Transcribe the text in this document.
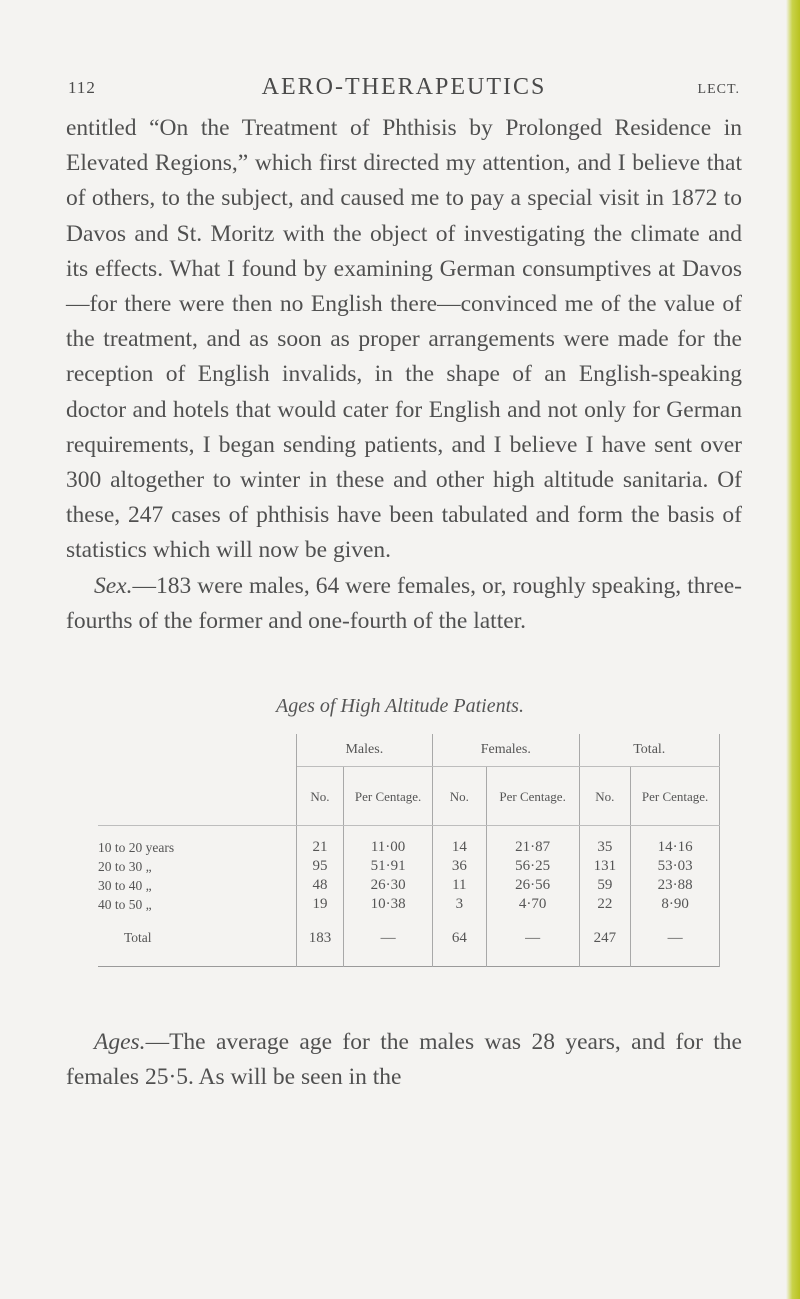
112	AERO-THERAPEUTICS	LECT.

entitled “On the Treatment of Phthisis by Prolonged Residence in Elevated Regions,” which first directed my attention, and I believe that of others, to the subject, and caused me to pay a special visit in 1872 to Davos and St. Moritz with the object of investigating the climate and its effects. What I found by examining German consumptives at Davos—for there were then no English there—convinced me of the value of the treatment, and as soon as proper arrangements were made for the reception of English invalids, in the shape of an English-speaking doctor and hotels that would cater for English and not only for German requirements, I began sending patients, and I believe I have sent over 300 altogether to winter in these and other high altitude sanitaria. Of these, 247 cases of phthisis have been tabulated and form the basis of statistics which will now be given.

Sex.—183 were males, 64 were females, or, roughly speaking, three-fourths of the former and one-fourth of the latter.

Ages of High Altitude Patients.
	Males.		Females.		Total.	
	No.	Per Centage.	No.	Per Centage.	No.	Per Centage.
10 to 20 years	21	11·00	14	21·87	35	14·16
20 to 30 „	95	51·91	36	56·25	131	53·03
30 to 40 „	48	26·30	11	26·56	59	23·88
40 to 50 „	19	10·38	3	4·70	22	8·90
Total	183	—	64	—	247	—

Ages.—The average age for the males was 28 years, and for the females 25·5. As will be seen in the
